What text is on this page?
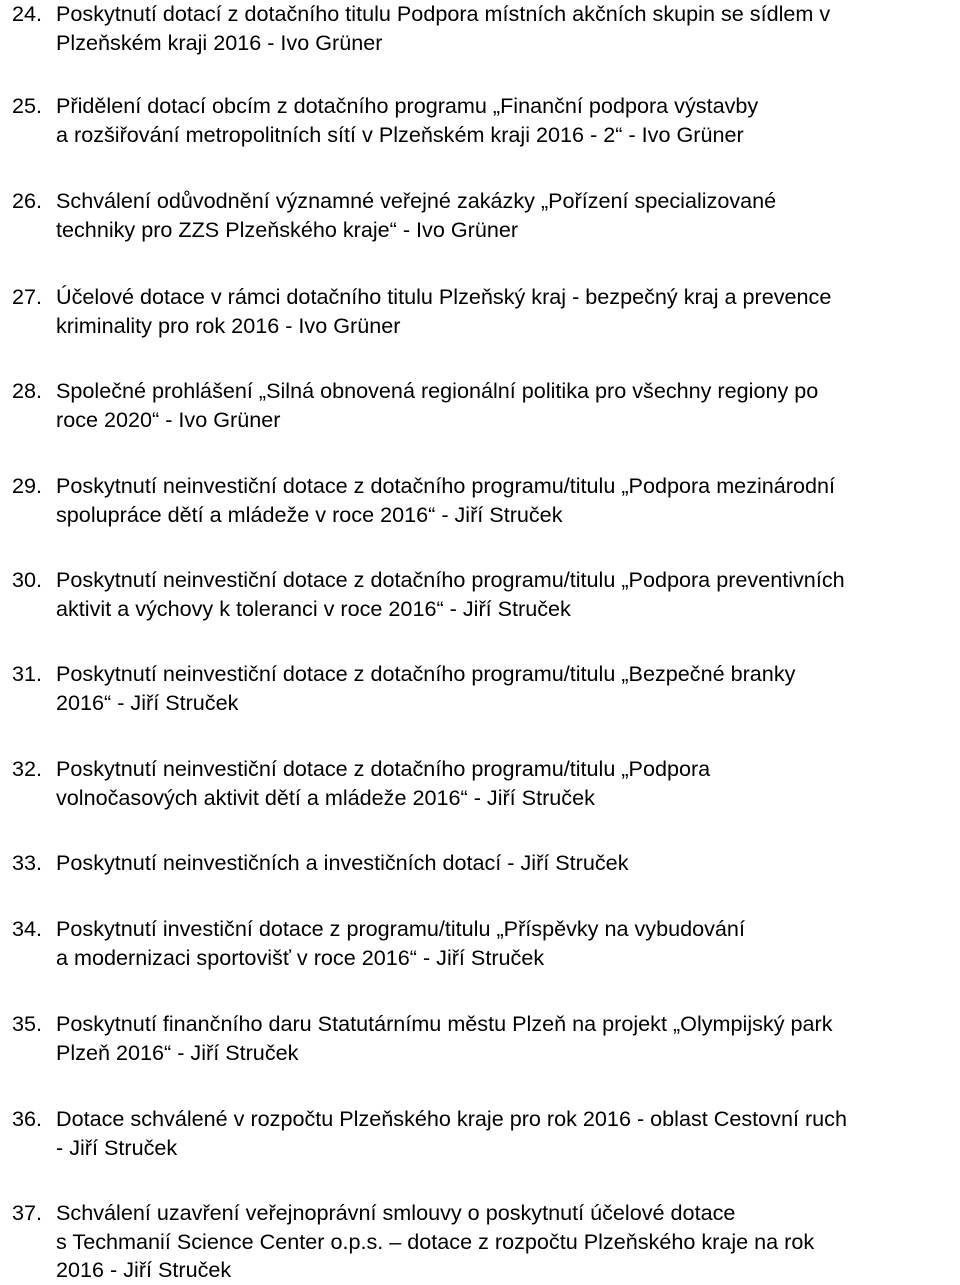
24. Poskytnutí dotací z dotačního titulu Podpora místních akčních skupin se sídlem v
Plzeňském kraji 2016 - Ivo Grüner
25. Přidělení dotací obcím z dotačního programu „Finanční podpora výstavby
a rozšiřování metropolitních sítí v Plzeňském kraji 2016 - 2“ - Ivo Grüner
26. Schválení odůvodnění významné veřejné zakázky „Pořízení specializované
techniky pro ZZS Plzeňského kraje“ - Ivo Grüner
27. Účelové dotace v rámci dotačního titulu Plzeňský kraj - bezpečný kraj a prevence
kriminality pro rok 2016 - Ivo Grüner
28. Společné prohlášení „Silná obnovená regionální politika pro všechny regiony po
roce 2020“ - Ivo Grüner
29. Poskytnutí neinvestiční dotace z dotačního programu/titulu „Podpora mezinárodní
spolupráce dětí a mládeže v roce 2016“ - Jiří Struček
30. Poskytnutí neinvestiční dotace z dotačního programu/titulu „Podpora preventivních
aktivit a výchovy k toleranci v roce 2016“ - Jiří Struček
31. Poskytnutí neinvestiční dotace z dotačního programu/titulu „Bezpečné branky
2016“ - Jiří Struček
32. Poskytnutí neinvestiční dotace z dotačního programu/titulu „Podpora
volnočasových aktivit dětí a mládeže 2016“ - Jiří Struček
33. Poskytnutí neinvestičních a investičních dotací - Jiří Struček
34. Poskytnutí investiční dotace z programu/titulu „Příspěvky na vybudování
a modernizaci sportovišť v roce 2016“ - Jiří Struček
35. Poskytnutí finančního daru Statutárnímu městu Plzeň na projekt „Olympijský park
Plzeň 2016“ - Jiří Struček
36. Dotace schválené v rozpočtu Plzeňského kraje pro rok 2016 - oblast Cestovní ruch
- Jiří Struček
37. Schválení uzavření veřejnoprávní smlouvy o poskytnutí účelové dotace
s Techmanií Science Center o.p.s. – dotace z rozpočtu Plzeňského kraje na rok
2016 - Jiří Struček
